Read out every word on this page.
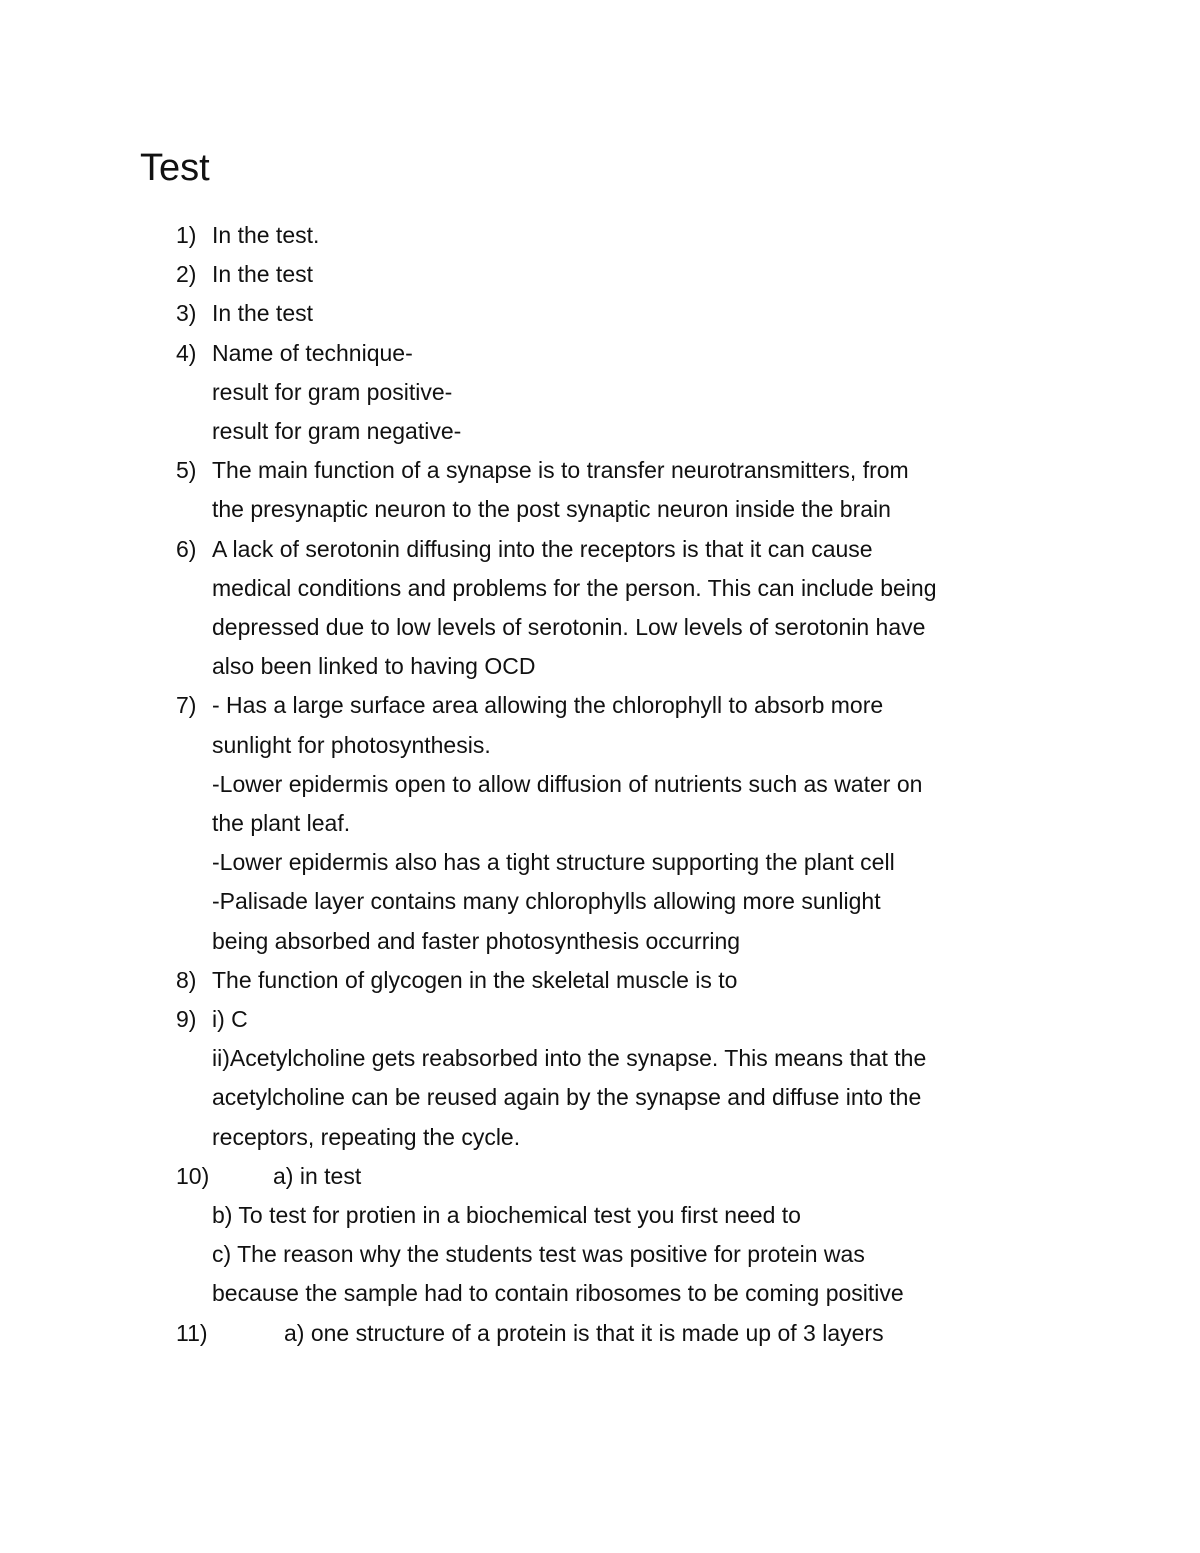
Test
1) In the test.
2) In the test
3) In the test
4) Name of technique-
result for gram positive-
result for gram negative-
5) The main function of a synapse is to transfer neurotransmitters, from
the presynaptic neuron to the post synaptic neuron inside the brain
6) A lack of serotonin diffusing into the receptors is that it can cause
medical conditions and problems for the person. This can include being
depressed due to low levels of serotonin. Low levels of serotonin have
also been linked to having OCD
7) - Has a large surface area allowing the chlorophyll to absorb more
sunlight for photosynthesis.
-Lower epidermis open to allow diffusion of nutrients such as water on
the plant leaf.
-Lower epidermis also has a tight structure supporting the plant cell
-Palisade layer contains many chlorophylls allowing more sunlight
being absorbed and faster photosynthesis occurring
8) The function of glycogen in the skeletal muscle is to
9) i) C
ii)Acetylcholine gets reabsorbed into the synapse. This means that the
acetylcholine can be reused again by the synapse and diffuse into the
receptors, repeating the cycle.
10)	a) in test
b) To test for protien in a biochemical test you first need to
c) The reason why the students test was positive for protein was
because the sample had to contain ribosomes to be coming positive
11)	a) one structure of a protein is that it is made up of 3 layers
